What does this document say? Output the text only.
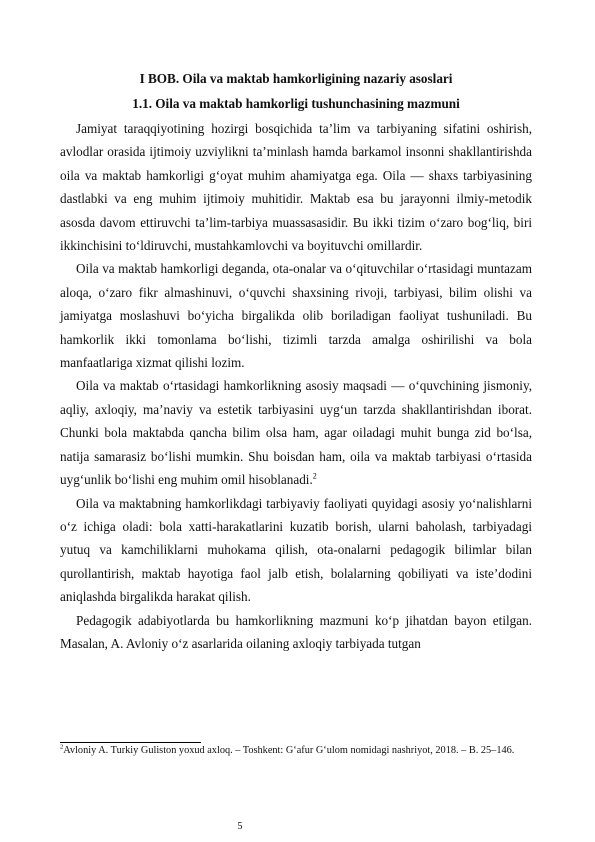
I BOB. Oila va maktab hamkorligining nazariy asoslari
1.1. Oila va maktab hamkorligi tushunchasining mazmuni

Jamiyat taraqqiyotining hozirgi bosqichida ta’lim va tarbiyaning sifatini oshirish, avlodlar orasida ijtimoiy uzviylikni ta’minlash hamda barkamol insonni shakllantirishda oila va maktab hamkorligi g‘oyat muhim ahamiyatga ega. Oila — shaxs tarbiyasining dastlabki va eng muhim ijtimoiy muhitidir. Maktab esa bu jarayonni ilmiy-metodik asosda davom ettiruvchi ta’lim-tarbiya muassasasidir. Bu ikki tizim o‘zaro bog‘liq, biri ikkinchisini to‘ldiruvchi, mustahkamlovchi va boyituvchi omillardir.

Oila va maktab hamkorligi deganda, ota-onalar va o‘qituvchilar o‘rtasidagi muntazam aloqa, o‘zaro fikr almashinuvi, o‘quvchi shaxsining rivoji, tarbiyasi, bilim olishi va jamiyatga moslashuvi bo‘yicha birgalikda olib boriladigan faoliyat tushuniladi. Bu hamkorlik ikki tomonlama bo‘lishi, tizimli tarzda amalga oshirilishi va bola manfaatlariga xizmat qilishi lozim.

Oila va maktab o‘rtasidagi hamkorlikning asosiy maqsadi — o‘quvchining jismoniy, aqliy, axloqiy, ma’naviy va estetik tarbiyasini uyg‘un tarzda shakllantirishdan iborat. Chunki bola maktabda qancha bilim olsa ham, agar oiladagi muhit bunga zid bo‘lsa, natija samarasiz bo‘lishi mumkin. Shu boisdan ham, oila va maktab tarbiyasi o‘rtasida uyg‘unlik bo‘lishi eng muhim omil hisoblanadi.$^2$

Oila va maktabning hamkorlikdagi tarbiyaviy faoliyati quyidagi asosiy yo‘nalishlarni o‘z ichiga oladi: bola xatti-harakatlarini kuzatib borish, ularni baholash, tarbiyadagi yutuq va kamchiliklarni muhokama qilish, ota-onalarni pedagogik bilimlar bilan qurollantirish, maktab hayotiga faol jalb etish, bolalarning qobiliyati va iste’dodini aniqlashda birgalikda harakat qilish.

Pedagogik adabiyotlarda bu hamkorlikning mazmuni ko‘p jihatdan bayon etilgan. Masalan, A. Avloniy o‘z asarlarida oilaning axloqiy tarbiyada tutgan

$^2$Avloniy A. Turkiy Guliston yoxud axloq. – Toshkent: G‘afur G‘ulom nomidagi nashriyot, 2018. – B. 25–146.
5
